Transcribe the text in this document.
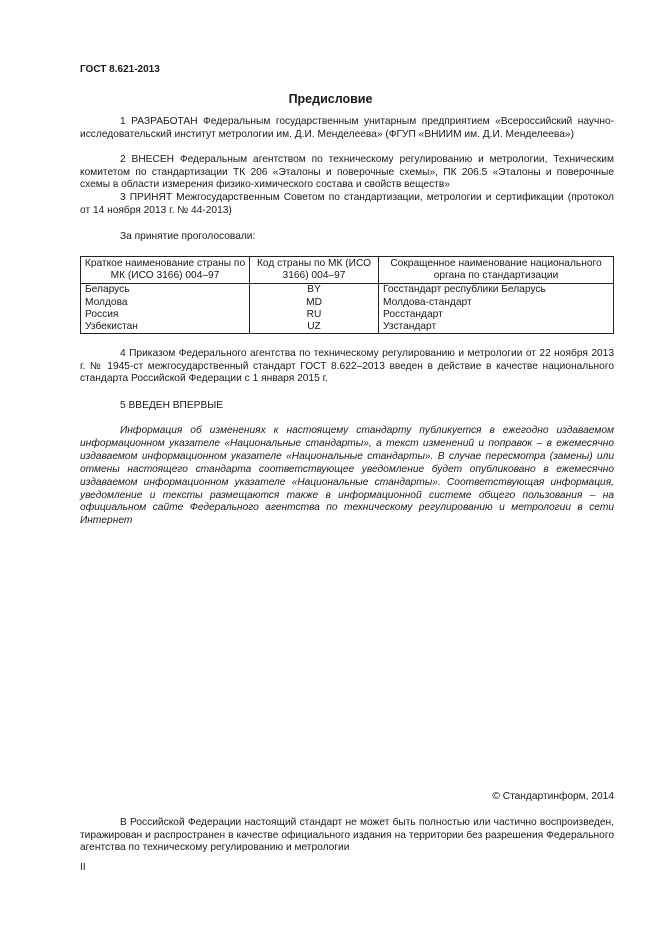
ГОСТ 8.621-2013
Предисловие

1 РАЗРАБОТАН Федеральным государственным унитарным предприятием «Всероссийский научно-исследовательский институт метрологии им. Д.И. Менделеева» (ФГУП «ВНИИМ им. Д.И. Менделеева»)

2 ВНЕСЕН Федеральным агентством по техническому регулированию и метрологии, Техническим комитетом по стандартизации ТК 206 «Эталоны и поверочные схемы», ПК 206.5 «Эталоны и поверочные схемы в области измерения физико-химического состава и свойств веществ»

3 ПРИНЯТ Межгосударственным Советом по стандартизации, метрологии и сертификации (протокол от 14 ноября 2013 г. № 44-2013)

За принятие проголосовали:

Краткое наименование страны по МК (ИСО 3166) 004–97	Код страны по МК (ИСО 3166) 004–97	Сокращенное наименование национального органа по стандартизации
Беларусь	BY	Госстандарт республики Беларусь
Молдова	MD	Молдова-стандарт
Россия	RU	Росстандарт
Узбекистан	UZ	Узстандарт

4 Приказом Федерального агентства по техническому регулированию и метрологии от 22 ноября 2013 г. № 1945-ст межгосударственный стандарт ГОСТ 8.622–2013 введен в действие в качестве национального стандарта Российской Федерации с 1 января 2015 г.

5 ВВЕДЕН ВПЕРВЫЕ

Информация об изменениях к настоящему стандарту публикуется в ежегодно издаваемом информационном указателе «Национальные стандарты», а текст изменений и поправок – в ежемесячно издаваемом информационном указателе «Национальные стандарты». В случае пересмотра (замены) или отмены настоящего стандарта соответствующее уведомление будет опубликовано в ежемесячно издаваемом информационном указателе «Национальные стандарты». Соответствующая информация, уведомление и тексты размещаются также в информационной системе общего пользования – на официальном сайте Федерального агентства по техническому регулированию и метрологии в сети Интернет

© Стандартинформ, 2014

В Российской Федерации настоящий стандарт не может быть полностью или частично воспроизведен, тиражирован и распространен в качестве официального издания на территории без разрешения Федерального агентства по техническому регулированию и метрологии

II
